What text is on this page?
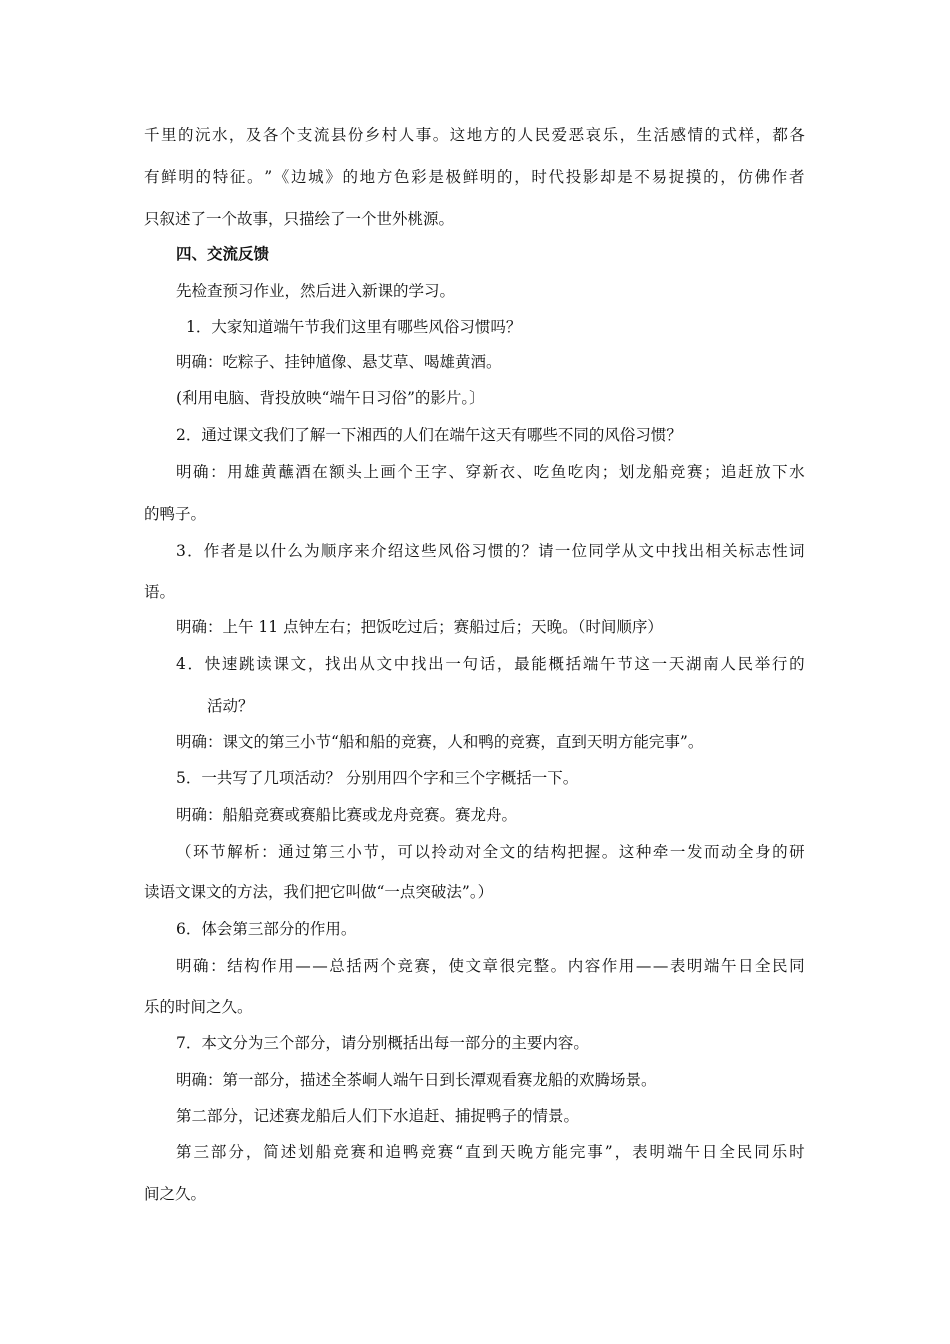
千 里 的 沅 水 ， 及 各 个 支 流 县 份 乡 村 人 事 。 这 地 方 的 人 民 爱 恶 哀 乐 ， 生 活 感 情 的 式 样 ， 都 各
有 鲜 明 的 特 征 。 ” 《 边 城 》 的 地 方 色 彩 是 极 鲜 明 的 ， 时 代 投 影 却 是 不 易 捉 摸 的 ， 仿 佛 作 者
只叙述了一个故事，只描绘了一个世外桃源。
四、交流反馈
先检查预习作业，然后进入新课的学习。
1．大家知道端午节我们这里有哪些风俗习惯吗？
明确：吃粽子、挂钟馗像、悬艾草、喝雄黄酒。
(利用电脑、背投放映“端午日习俗”的影片。〕
2．通过课文我们了解一下湘西的人们在端午这天有哪些不同的风俗习惯？
明 确 ： 用 雄 黄 蘸 酒 在 额 头 上 画 个 王 字 、 穿 新 衣 、 吃 鱼 吃 肉 ； 划 龙 船 竞 赛 ； 追 赶 放 下 水
的鸭子。
3 ． 作 者 是 以 什 么 为 顺 序 来 介 绍 这 些 风 俗 习 惯 的 ？ 请 一 位 同 学 从 文 中 找 出 相 关 标 志 性 词
语。
明确：上午 11 点钟左右；把饭吃过后；赛船过后；天晚。（时间顺序）
4 ． 快 速 跳 读 课 文 ， 找 出 从 文 中 找 出 一 句 话 ， 最 能 概 括 端 午 节 这 一 天 湖 南 人 民 举 行 的
活动？
明确：课文的第三小节“船和船的竞赛，人和鸭的竞赛，直到天明方能完事”。
5．一共写了几项活动？ 分别用四个字和三个字概括一下。
明确：船船竞赛或赛船比赛或龙舟竞赛。赛龙舟。
（ 环 节 解 析 ： 通 过 第 三 小 节 ， 可 以 拎 动 对 全 文 的 结 构 把 握 。 这 种 牵 一 发 而 动 全 身 的 研
读语文课文的方法，我们把它叫做“一点突破法”。）
6．体会第三部分的作用。
明 确 ： 结 构 作 用 — — 总 括 两 个 竞 赛 ， 使 文 章 很 完 整 。 内 容 作 用 — — 表 明 端 午 日 全 民 同
乐的时间之久。
7．本文分为三个部分，请分别概括出每一部分的主要内容。
明确：第一部分，描述全茶峒人端午日到长潭观看赛龙船的欢腾场景。
第二部分，记述赛龙船后人们下水追赶、捕捉鸭子的情景。
第 三 部 分 ， 简 述 划 船 竞 赛 和 追 鸭 竞 赛 “ 直 到 天 晚 方 能 完 事 ” ， 表 明 端 午 日 全 民 同 乐 时
间之久。
